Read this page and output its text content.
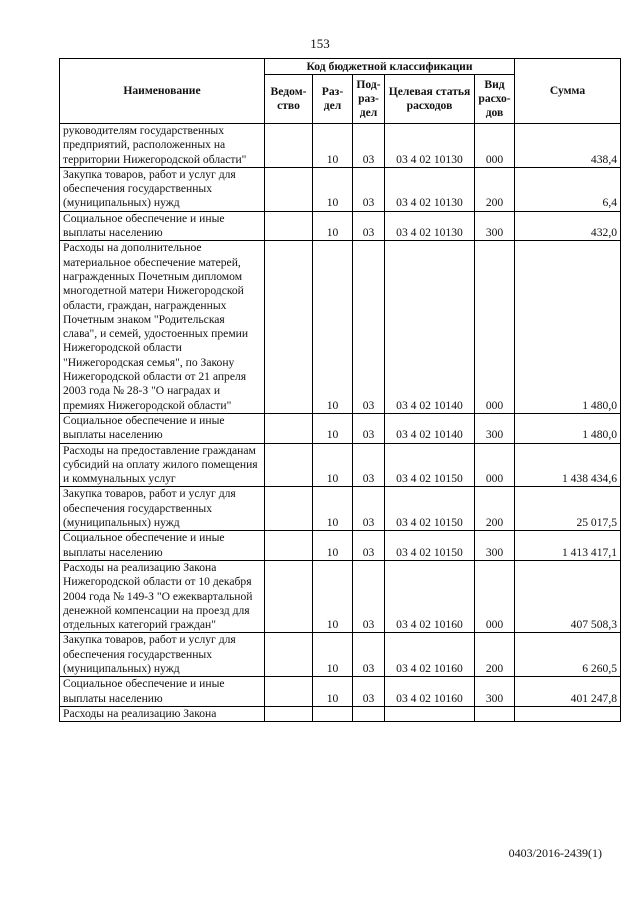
153
Наименование	Код бюджетной классификации					Сумма
	Ведом-ство	Раз-дел	Под-раз-дел	Целевая статья расходов	Вид расхо-дов	
руководителям государственных предприятий, расположенных на территории Нижегородской области"		10	03	03 4 02 10130	000	438,4
Закупка товаров, работ и услуг для обеспечения государственных (муниципальных) нужд		10	03	03 4 02 10130	200	6,4
Социальное обеспечение и иные выплаты населению		10	03	03 4 02 10130	300	432,0
Расходы на дополнительное материальное обеспечение матерей, награжденных Почетным дипломом многодетной матери Нижегородской области, граждан, награжденных Почетным знаком "Родительская слава", и семей, удостоенных премии Нижегородской области "Нижегородская семья", по Закону Нижегородской области от 21 апреля 2003 года № 28-З "О наградах и премиях Нижегородской области"		10	03	03 4 02 10140	000	1 480,0
Социальное обеспечение и иные выплаты населению		10	03	03 4 02 10140	300	1 480,0
Расходы на предоставление гражданам субсидий на оплату жилого помещения и коммунальных услуг		10	03	03 4 02 10150	000	1 438 434,6
Закупка товаров, работ и услуг для обеспечения государственных (муниципальных) нужд		10	03	03 4 02 10150	200	25 017,5
Социальное обеспечение и иные выплаты населению		10	03	03 4 02 10150	300	1 413 417,1
Расходы на реализацию Закона Нижегородской области от 10 декабря 2004 года № 149-З "О ежеквартальной денежной компенсации на проезд для отдельных категорий граждан"		10	03	03 4 02 10160	000	407 508,3
Закупка товаров, работ и услуг для обеспечения государственных (муниципальных) нужд		10	03	03 4 02 10160	200	6 260,5
Социальное обеспечение и иные выплаты населению		10	03	03 4 02 10160	300	401 247,8
Расходы на реализацию Закона						
0403/2016-2439(1)
